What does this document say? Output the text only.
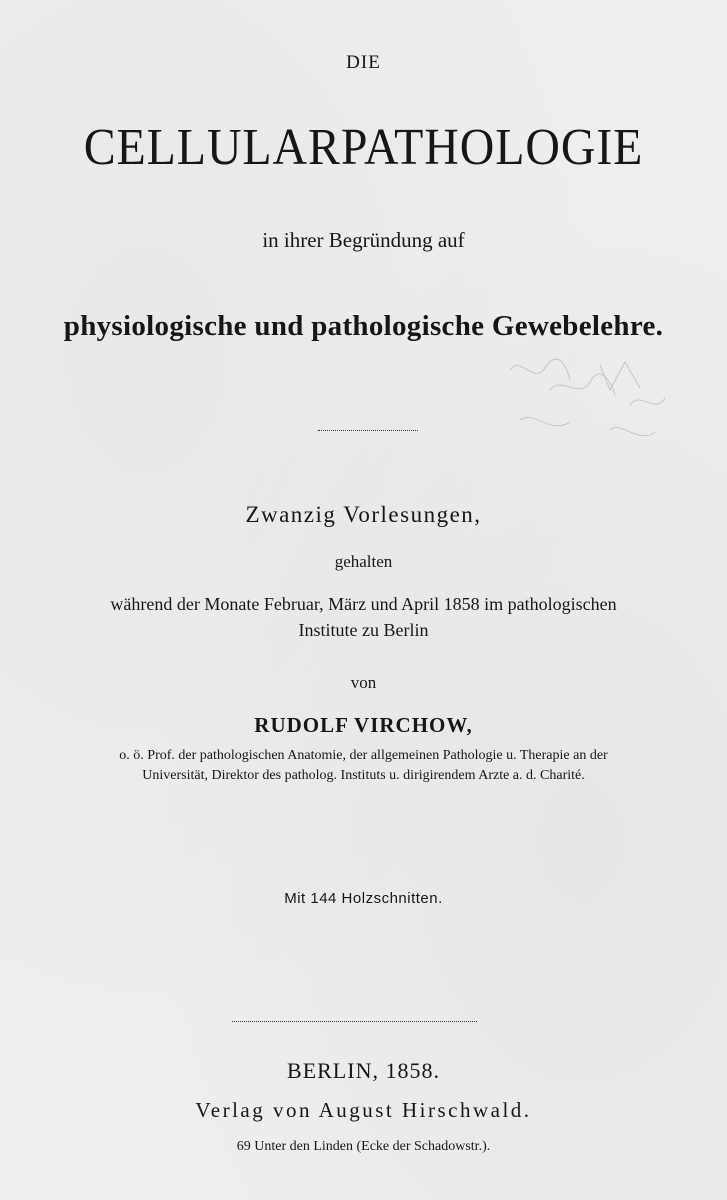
DIE

CELLULARPATHOLOGIE

in ihrer Begründung auf

physiologische und pathologische Gewebelehre.

Zwanzig Vorlesungen,

gehalten

während der Monate Februar, März und April 1858 im pathologischen

Institute zu Berlin

von

RUDOLF VIRCHOW,

o. ö. Prof. der pathologischen Anatomie, der allgemeinen Pathologie u. Therapie an der

Universität, Direktor des patholog. Instituts u. dirigirendem Arzte a. d. Charité.

Mit 144 Holzschnitten.

BERLIN, 1858.

Verlag von August Hirschwald.

69 Unter den Linden (Ecke der Schadowstr.).
